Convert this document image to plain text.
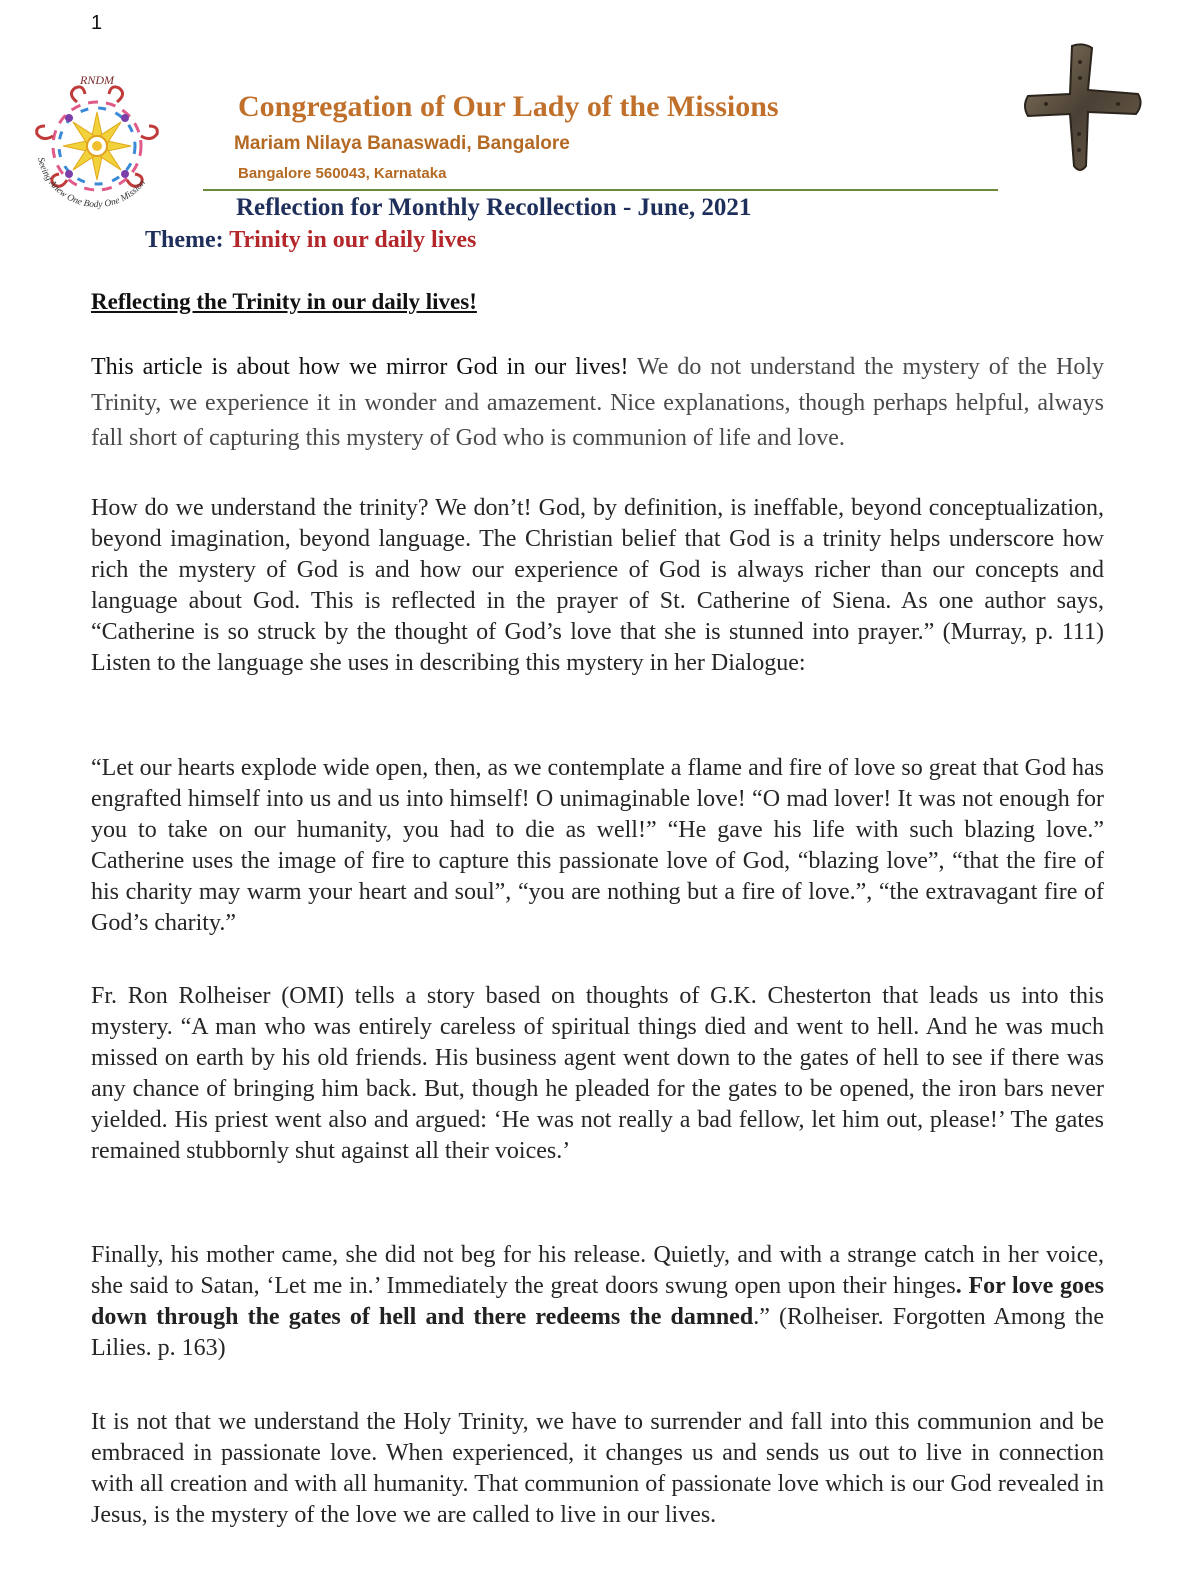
1
RNDM
Seeing Anew One Body One Mission
Congregation of Our Lady of the Missions
Mariam Nilaya Banaswadi, Bangalore
Bangalore 560043, Karnataka
Reflection for Monthly Recollection - June, 2021
Theme: Trinity in our daily lives
Reflecting the Trinity in our daily lives!

This article is about how we mirror God in our lives! We do not understand the mystery of the Holy Trinity, we experience it in wonder and amazement. Nice explanations, though perhaps helpful, always fall short of capturing this mystery of God who is communion of life and love.

How do we understand the trinity? We don’t! God, by definition, is ineffable, beyond conceptualization, beyond imagination, beyond language. The Christian belief that God is a trinity helps underscore how rich the mystery of God is and how our experience of God is always richer than our concepts and language about God. This is reflected in the prayer of St. Catherine of Siena. As one author says, “Catherine is so struck by the thought of God’s love that she is stunned into prayer.” (Murray, p. 111) Listen to the language she uses in describing this mystery in her Dialogue:

“Let our hearts explode wide open, then, as we contemplate a flame and fire of love so great that God has engrafted himself into us and us into himself! O unimaginable love! “O mad lover! It was not enough for you to take on our humanity, you had to die as well!” “He gave his life with such blazing love.” Catherine uses the image of fire to capture this passionate love of God, “blazing love”, “that the fire of his charity may warm your heart and soul”, “you are nothing but a fire of love.”, “the extravagant fire of God’s charity.”

Fr. Ron Rolheiser (OMI) tells a story based on thoughts of G.K. Chesterton that leads us into this mystery. “A man who was entirely careless of spiritual things died and went to hell. And he was much missed on earth by his old friends. His business agent went down to the gates of hell to see if there was any chance of bringing him back. But, though he pleaded for the gates to be opened, the iron bars never yielded. His priest went also and argued: ‘He was not really a bad fellow, let him out, please!’ The gates remained stubbornly shut against all their voices.’

Finally, his mother came, she did not beg for his release. Quietly, and with a strange catch in her voice, she said to Satan, ‘Let me in.’ Immediately the great doors swung open upon their hinges. For love goes down through the gates of hell and there redeems the damned.” (Rolheiser. Forgotten Among the Lilies. p. 163)

It is not that we understand the Holy Trinity, we have to surrender and fall into this communion and be embraced in passionate love. When experienced, it changes us and sends us out to live in connection with all creation and with all humanity. That communion of passionate love which is our God revealed in Jesus, is the mystery of the love we are called to live in our lives.
